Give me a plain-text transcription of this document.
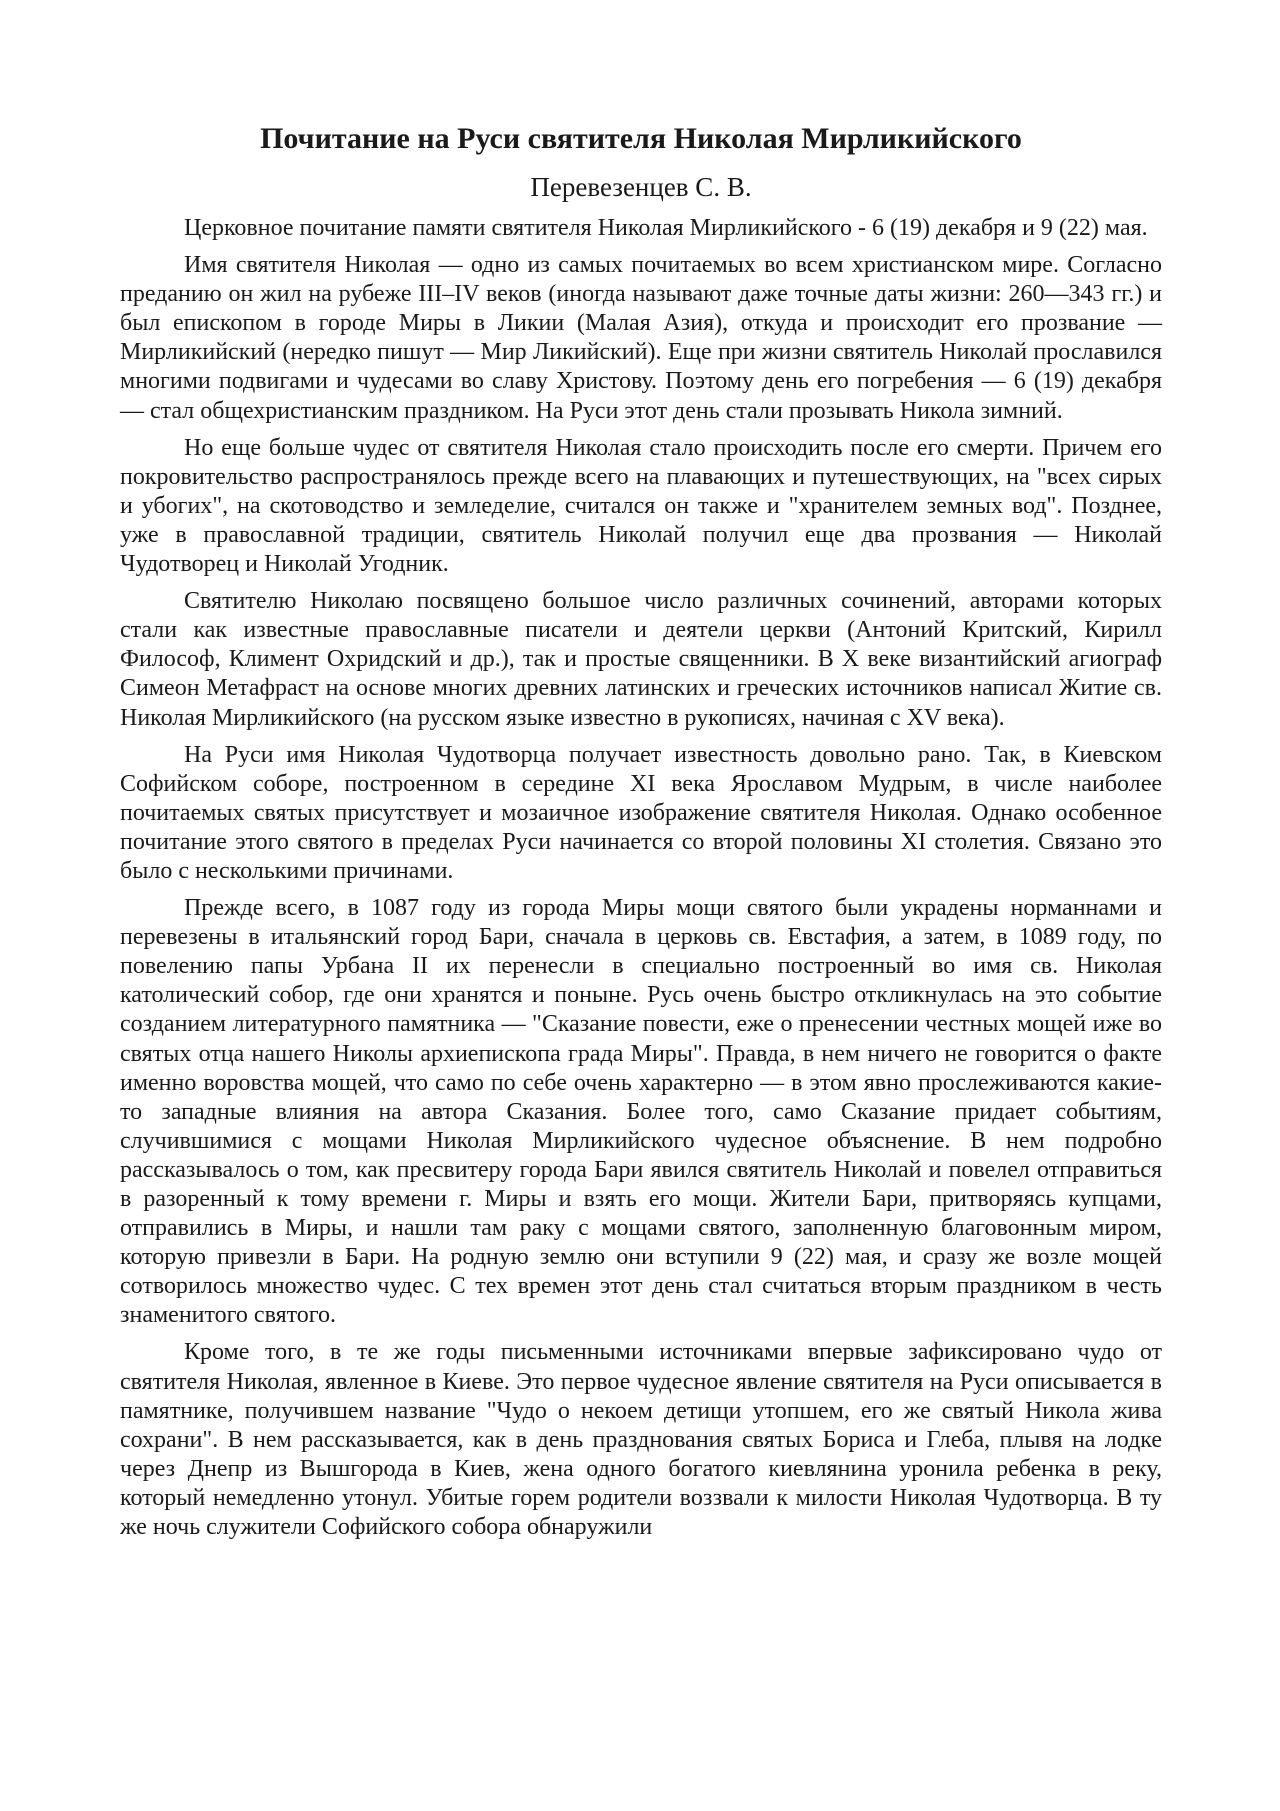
Почитание на Руси святителя Николая Мирликийского

Перевезенцев С. В.

Церковное почитание памяти святителя Николая Мирликийского - 6 (19) декабря и 9 (22) мая.

Имя святителя Николая — одно из самых почитаемых во всем христианском мире. Согласно преданию он жил на рубеже III–IV веков (иногда называют даже точные даты жизни: 260—343 гг.) и был епископом в городе Миры в Ликии (Малая Азия), откуда и происходит его прозвание — Мирликийский (нередко пишут — Мир Ликийский). Еще при жизни святитель Николай прославился многими подвигами и чудесами во славу Христову. Поэтому день его погребения — 6 (19) декабря — стал общехристианским праздником. На Руси этот день стали прозывать Никола зимний.

Но еще больше чудес от святителя Николая стало происходить после его смерти. Причем его покровительство распространялось прежде всего на плавающих и путешествующих, на "всех сирых и убогих", на скотоводство и земледелие, считался он также и "хранителем земных вод". Позднее, уже в православной традиции, святитель Николай получил еще два прозвания — Николай Чудотворец и Николай Угодник.

Святителю Николаю посвящено большое число различных сочинений, авторами которых стали как известные православные писатели и деятели церкви (Антоний Критский, Кирилл Философ, Климент Охридский и др.), так и простые священники. В X веке византийский агиограф Симеон Метафраст на основе многих древних латинских и греческих источников написал Житие св. Николая Мирликийского (на русском языке известно в рукописях, начиная с XV века).

На Руси имя Николая Чудотворца получает известность довольно рано. Так, в Киевском Софийском соборе, построенном в середине XI века Ярославом Мудрым, в числе наиболее почитаемых святых присутствует и мозаичное изображение святителя Николая. Однако особенное почитание этого святого в пределах Руси начинается со второй половины XI столетия. Связано это было с несколькими причинами.

Прежде всего, в 1087 году из города Миры мощи святого были украдены норманнами и перевезены в итальянский город Бари, сначала в церковь св. Евстафия, а затем, в 1089 году, по повелению папы Урбана II их перенесли в специально построенный во имя св. Николая католический собор, где они хранятся и поныне. Русь очень быстро откликнулась на это событие созданием литературного памятника — "Сказание повести, еже о пренесении честных мощей иже во святых отца нашего Николы архиепископа града Миры". Правда, в нем ничего не говорится о факте именно воровства мощей, что само по себе очень характерно — в этом явно прослеживаются какие-то западные влияния на автора Сказания. Более того, само Сказание придает событиям, случившимися с мощами Николая Мирликийского чудесное объяснение. В нем подробно рассказывалось о том, как пресвитеру города Бари явился святитель Николай и повелел отправиться в разоренный к тому времени г. Миры и взять его мощи. Жители Бари, притворяясь купцами, отправились в Миры, и нашли там раку с мощами святого, заполненную благовонным миром, которую привезли в Бари. На родную землю они вступили 9 (22) мая, и сразу же возле мощей сотворилось множество чудес. С тех времен этот день стал считаться вторым праздником в честь знаменитого святого.

Кроме того, в те же годы письменными источниками впервые зафиксировано чудо от святителя Николая, явленное в Киеве. Это первое чудесное явление святителя на Руси описывается в памятнике, получившем название "Чудо о некоем детищи утопшем, его же святый Никола жива сохрани". В нем рассказывается, как в день празднования святых Бориса и Глеба, плывя на лодке через Днепр из Вышгорода в Киев, жена одного богатого киевлянина уронила ребенка в реку, который немедленно утонул. Убитые горем родители воззвали к милости Николая Чудотворца. В ту же ночь служители Софийского собора обнаружили
